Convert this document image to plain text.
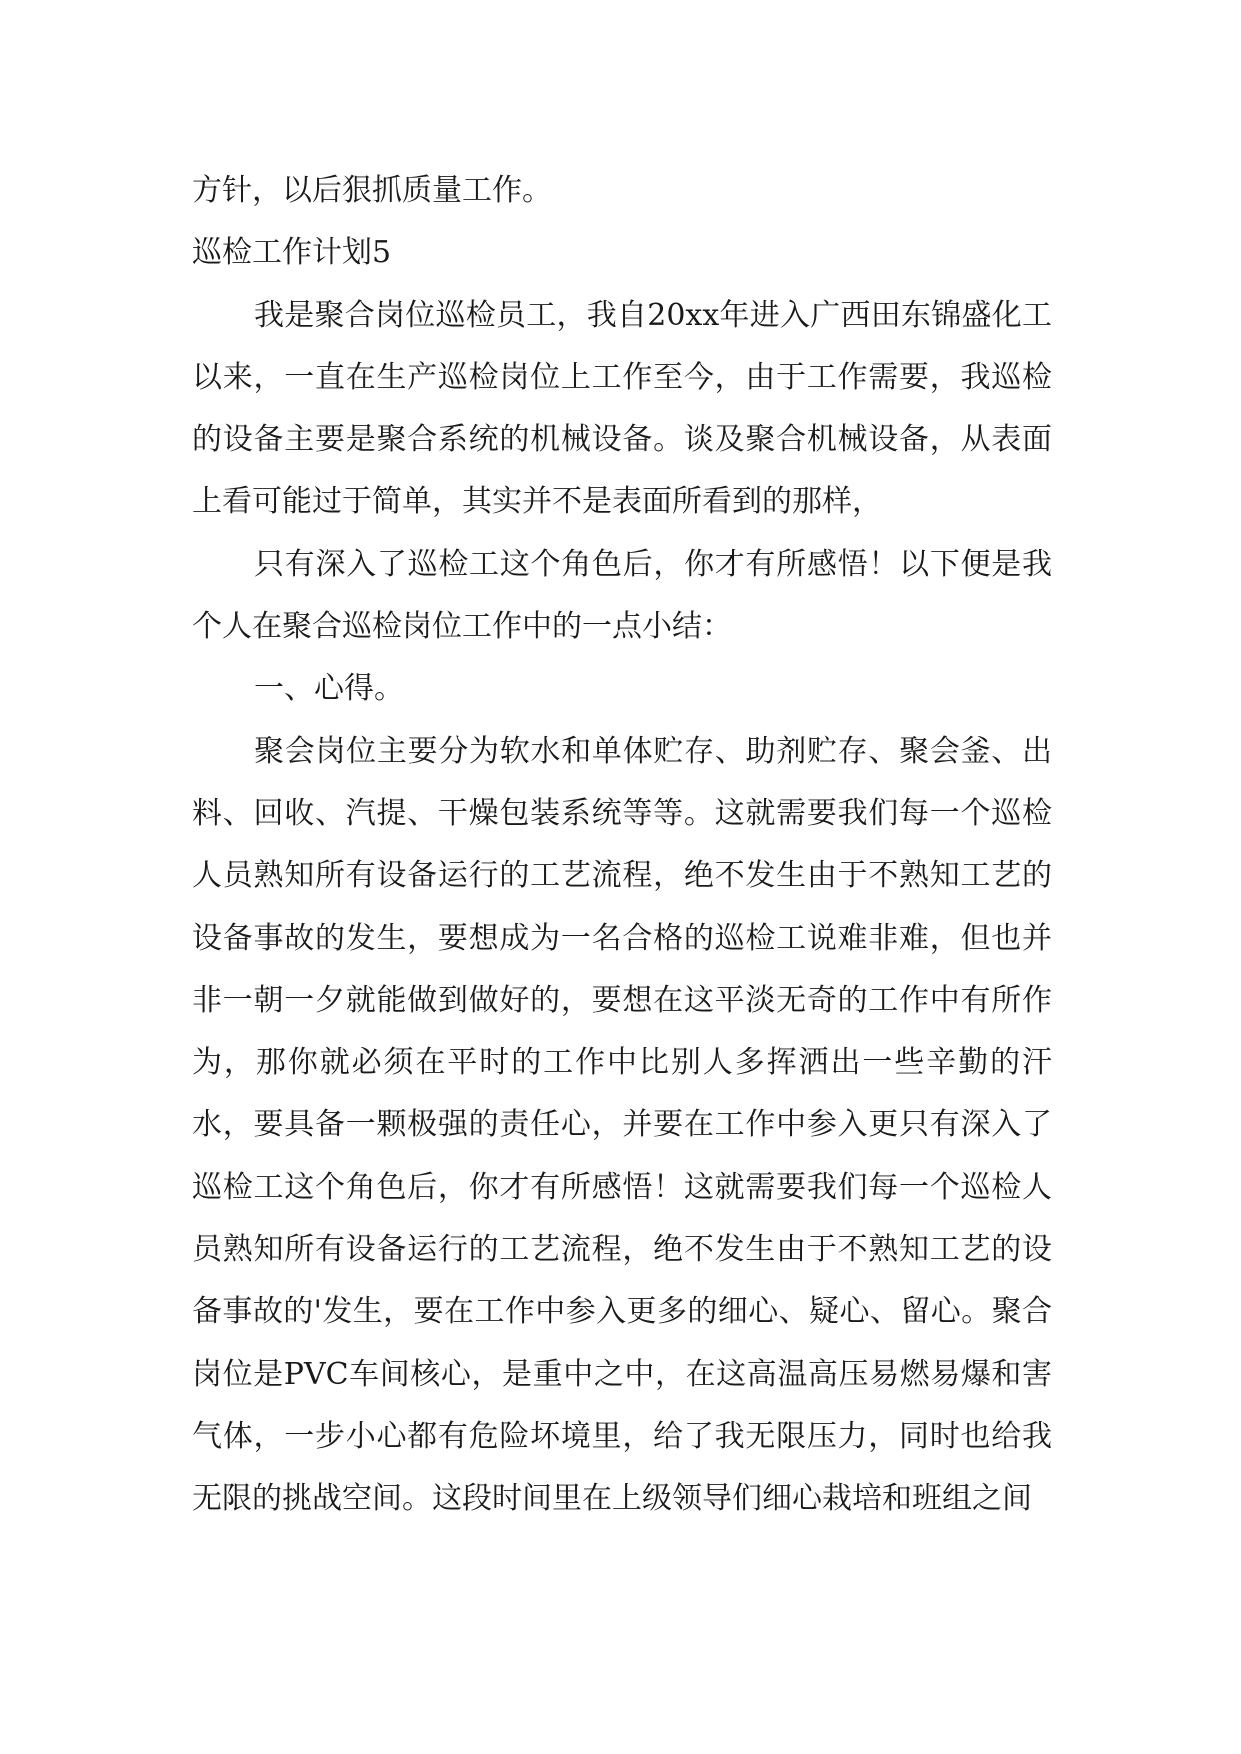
方针，以后狠抓质量工作。

巡检工作计划5

我是聚合岗位巡检员工，我自20xx年进入广西田东锦盛化工以来，一直在生产巡检岗位上工作至今，由于工作需要，我巡检的设备主要是聚合系统的机械设备。谈及聚合机械设备，从表面上看可能过于简单，其实并不是表面所看到的那样，

只有深入了巡检工这个角色后，你才有所感悟！以下便是我个人在聚合巡检岗位工作中的一点小结：

一、心得。

聚会岗位主要分为软水和单体贮存、助剂贮存、聚会釜、出料、回收、汽提、干燥包装系统等等。这就需要我们每一个巡检人员熟知所有设备运行的工艺流程，绝不发生由于不熟知工艺的设备事故的发生，要想成为一名合格的巡检工说难非难，但也并非一朝一夕就能做到做好的，要想在这平淡无奇的工作中有所作为，那你就必须在平时的工作中比别人多挥洒出一些辛勤的汗水，要具备一颗极强的责任心，并要在工作中参入更只有深入了巡检工这个角色后，你才有所感悟！这就需要我们每一个巡检人员熟知所有设备运行的工艺流程，绝不发生由于不熟知工艺的设备事故的'发生，要在工作中参入更多的细心、疑心、留心。聚合岗位是PVC车间核心，是重中之中，在这高温高压易燃易爆和害气体，一步小心都有危险坏境里，给了我无限压力，同时也给我无限的挑战空间。这段时间里在上级领导们细心栽培和班组之间
